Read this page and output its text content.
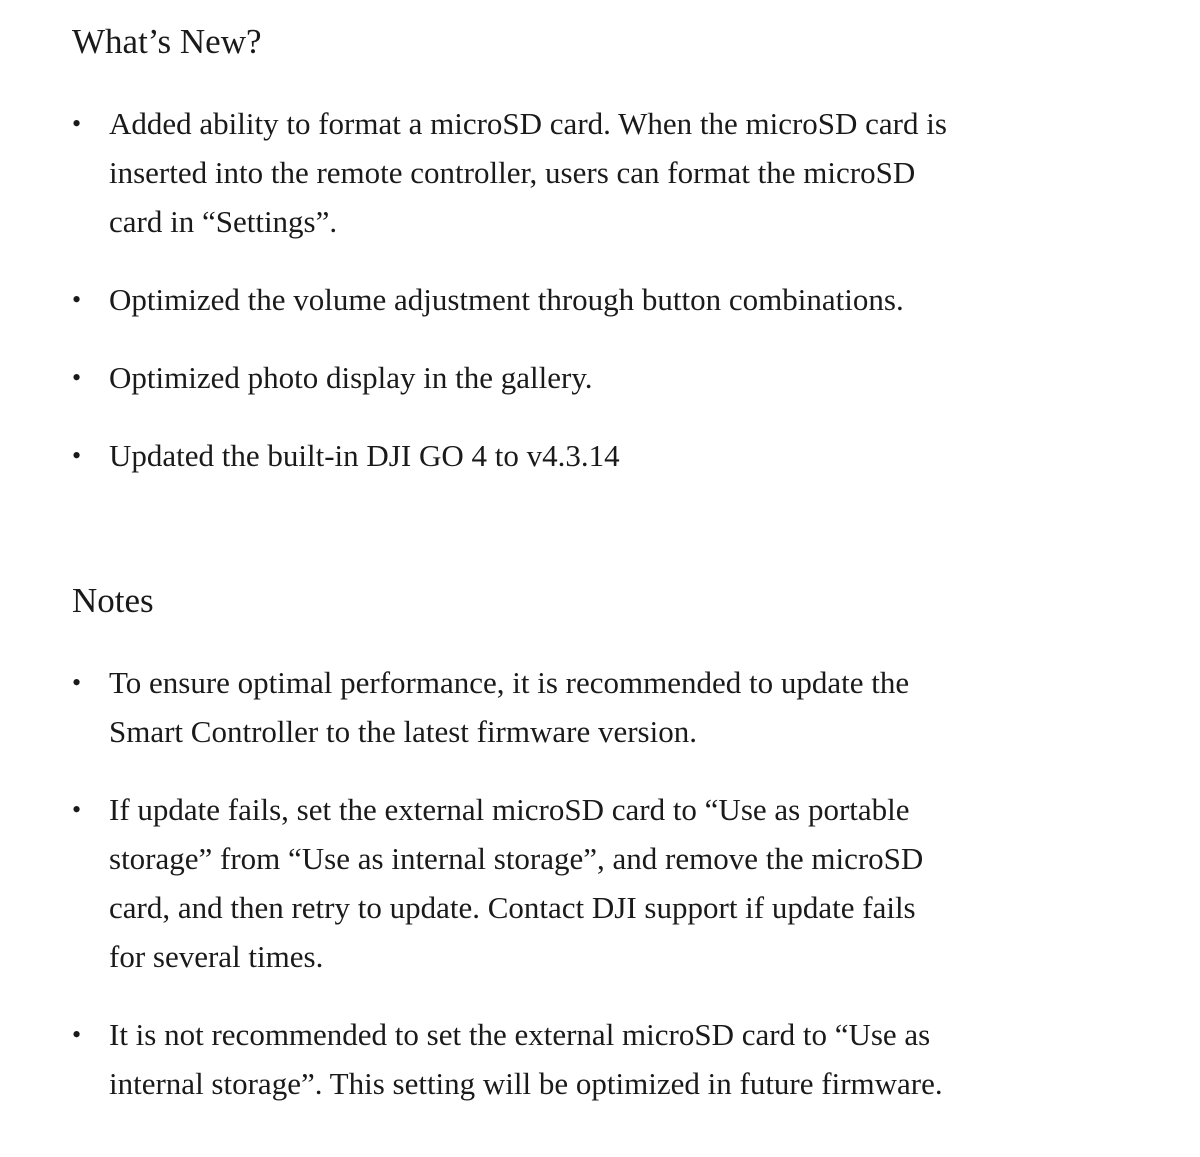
What’s New?
• Added ability to format a microSD card. When the microSD card is
inserted into the remote controller, users can format the microSD
card in “Settings”.
• Optimized the volume adjustment through button combinations.
• Optimized photo display in the gallery.
• Updated the built-in DJI GO 4 to v4.3.14
Notes
• To ensure optimal performance, it is recommended to update the
Smart Controller to the latest firmware version.
• If update fails, set the external microSD card to “Use as portable
storage” from “Use as internal storage”, and remove the microSD
card, and then retry to update. Contact DJI support if update fails
for several times.
• It is not recommended to set the external microSD card to “Use as
internal storage”. This setting will be optimized in future firmware.
